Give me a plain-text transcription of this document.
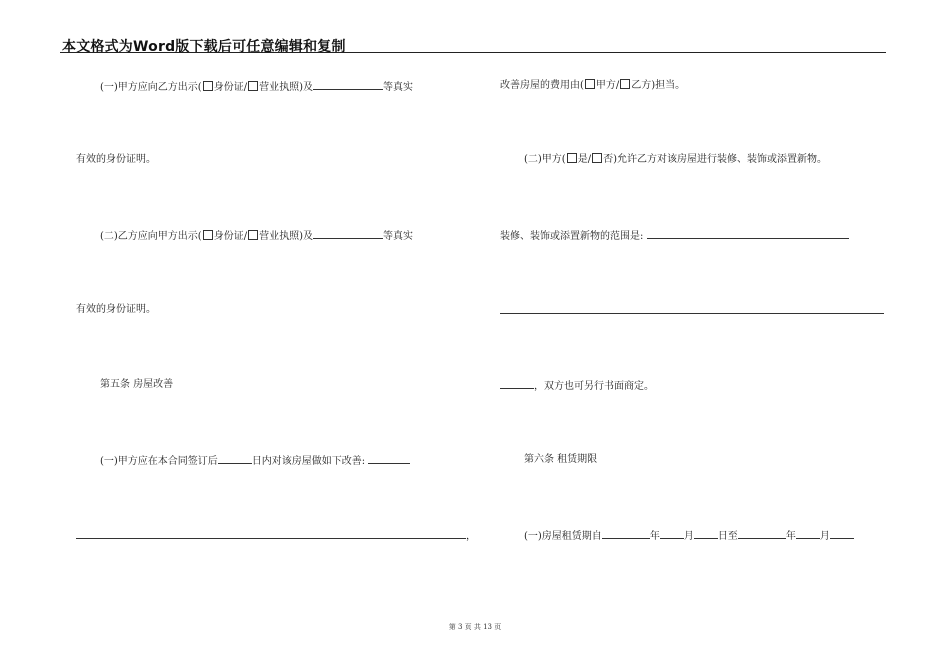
本文格式为Word版下载后可任意编辑和复制
(一)甲方应向乙方出示( 身份证/ 营业执照)及	等真实
有效的身份证明。
(二)乙方应向甲方出示( 身份证/ 营业执照)及	等真实
有效的身份证明。
第五条 房屋改善
(一)甲方应在本合同签订后	日内对该房屋做如下改善:
，
改善房屋的费用由( 甲方/ 乙方)担当。
(二)甲方( 是/ 否)允许乙方对该房屋进行装修、装饰或添置新物。
装修、装饰或添置新物的范围是:
，双方也可另行书面商定。
第六条 租赁期限
(一)房屋租赁期自	年 月 日至	年 月
第 3 页 共 13 页
